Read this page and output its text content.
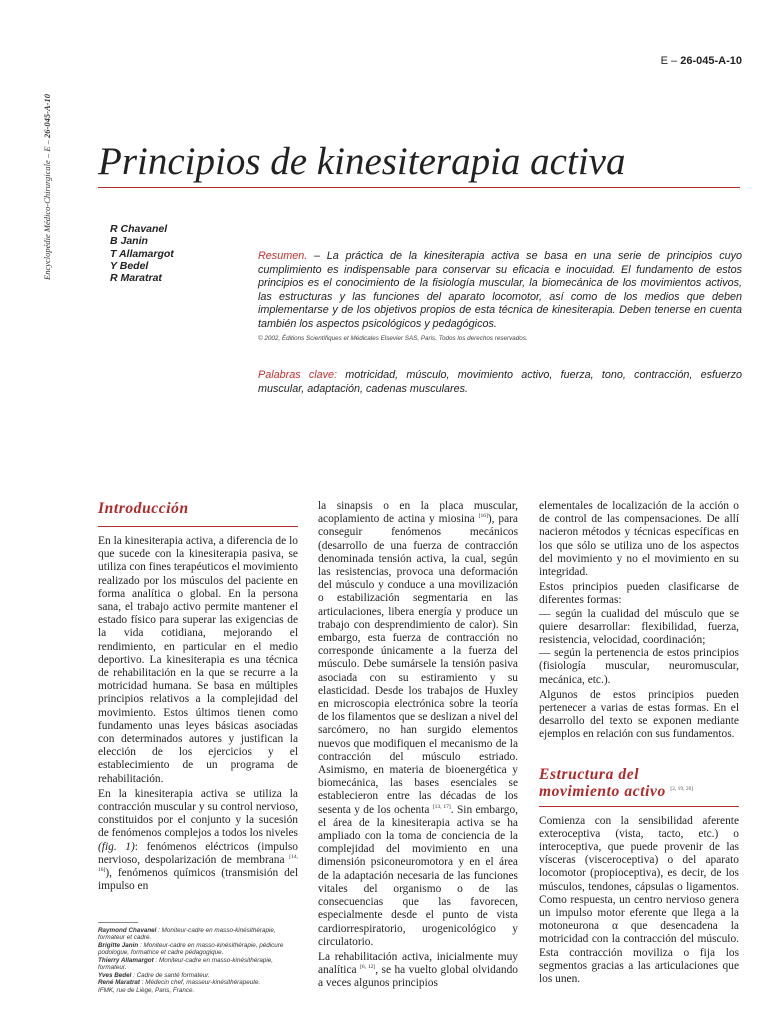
Encyclopédie Médico-Chirurgicale – E – 26-045-A-10
E – 26-045-A-10
Principios de kinesiterapia activa
R Chavanel
B Janin
T Allamargot
Y Bedel
R Maratrat

Resumen. – La práctica de la kinesiterapia activa se basa en una serie de principios cuyo cumplimiento es indispensable para conservar su eficacia e inocuidad. El fundamento de estos principios es el conocimiento de la fisiología muscular, la biomecánica de los movimientos activos, las estructuras y las funciones del aparato locomotor, así como de los medios que deben implementarse y de los objetivos propios de esta técnica de kinesiterapia. Deben tenerse en cuenta también los aspectos psicológicos y pedagógicos.

© 2002, Éditions Scientifiques et Médicales Elsevier SAS, Paris. Todos los derechos reservados.

Palabras clave: motricidad, músculo, movimiento activo, fuerza, tono, contracción, esfuerzo muscular, adaptación, cadenas musculares.

Introducción

En la kinesiterapia activa, a diferencia de lo que sucede con la kinesiterapia pasiva, se utiliza con fines terapéuticos el movimiento realizado por los músculos del paciente en forma analítica o global. En la persona sana, el trabajo activo permite mantener el estado físico para superar las exigencias de la vida cotidiana, mejorando el rendimiento, en particular en el medio deportivo. La kinesiterapia es una técnica de rehabilitación en la que se recurre a la motricidad humana. Se basa en múltiples principios relativos a la complejidad del movimiento. Estos últimos tienen como fundamento unas leyes básicas asociadas con determinados autores y justifican la elección de los ejercicios y el establecimiento de un programa de rehabilitación.

En la kinesiterapia activa se utiliza la contracción muscular y su control nervioso, constituidos por el conjunto y la sucesión de fenómenos complejos a todos los niveles (fig. 1): fenómenos eléctricos (impulso nervioso, despolarización de membrana [14, 16]), fenómenos químicos (transmisión del impulso en

la sinapsis o en la placa muscular, acoplamiento de actina y miosina [16]), para conseguir fenómenos mecánicos (desarrollo de una fuerza de contracción denominada tensión activa, la cual, según las resistencias, provoca una deformación del músculo y conduce a una movilización o estabilización segmentaria en las articulaciones, libera energía y produce un trabajo con desprendimiento de calor). Sin embargo, esta fuerza de contracción no corresponde únicamente a la fuerza del músculo. Debe sumársele la tensión pasiva asociada con su estiramiento y su elasticidad. Desde los trabajos de Huxley en microscopia electrónica sobre la teoría de los filamentos que se deslizan a nivel del sarcómero, no han surgido elementos nuevos que modifiquen el mecanismo de la contracción del músculo estriado. Asimismo, en materia de bioenergética y biomecánica, las bases esenciales se establecieron entre las décadas de los sesenta y de los ochenta [13, 17]. Sin embargo, el área de la kinesiterapia activa se ha ampliado con la toma de conciencia de la complejidad del movimiento en una dimensión psiconeuromotora y en el área de la adaptación necesaria de las funciones vitales del organismo o de las consecuencias que las favorecen, especialmente desde el punto de vista cardiorrespiratorio, urogenicológico y circulatorio.

La rehabilitación activa, inicialmente muy analítica [6, 12], se ha vuelto global olvidando a veces algunos principios

elementales de localización de la acción o de control de las compensaciones. De allí nacieron métodos y técnicas específicas en los que sólo se utiliza uno de los aspectos del movimiento y no el movimiento en su integridad.

Estos principios pueden clasificarse de diferentes formas:

— según la cualidad del músculo que se quiere desarrollar: flexibilidad, fuerza, resistencia, velocidad, coordinación;

— según la pertenencia de estos principios (fisiología muscular, neuromuscular, mecánica, etc.).

Algunos de estos principios pueden pertenecer a varias de estas formas. En el desarrollo del texto se exponen mediante ejemplos en relación con sus fundamentos.

Estructura del
movimiento activo [2, 19, 20]

Comienza con la sensibilidad aferente exteroceptiva (vista, tacto, etc.) o interoceptiva, que puede provenir de las vísceras (visceroceptiva) o del aparato locomotor (propioceptiva), es decir, de los músculos, tendones, cápsulas o ligamentos. Como respuesta, un centro nervioso genera un impulso motor eferente que llega a la motoneurona α que desencadena la motricidad con la contracción del músculo. Esta contracción moviliza o fija los segmentos gracias a las articulaciones que los unen.

Raymond Chavanel : Moniteur-cadre en masso-kinésithérapie, formateur et cadre.
Brigitte Janin : Moniteur-cadre en masso-kinésithérapie, pédicure podologue, formatrice et cadre pédagogique.
Thierry Allamargot : Moniteur-cadre en masso-kinésithérapie, formateur.
Yves Bedel : Cadre de santé formateur.
René Maratrat : Médecin chef, masseur-kinésithérapeute.
IFMK, rue de Liège, Paris, France.
